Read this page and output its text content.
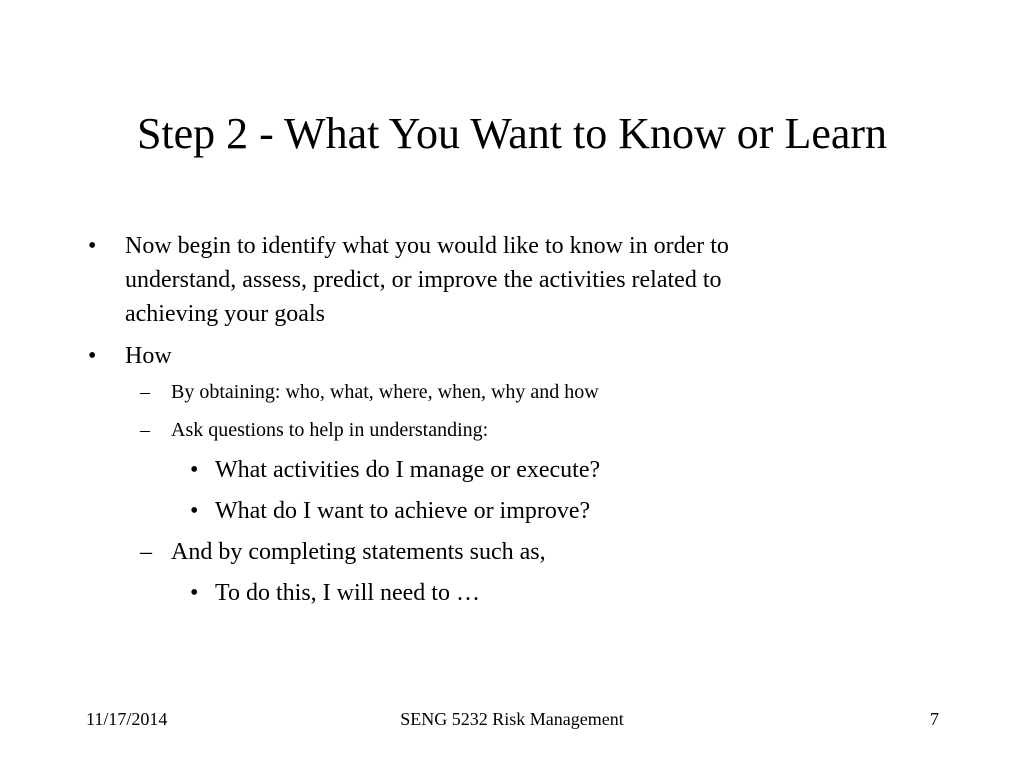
Step 2 - What You Want to Know or Learn
• Now begin to identify what you would like to know in order to
understand, assess, predict, or improve the activities related to
achieving your goals
• How
– By obtaining: who, what, where, when, why and how
– Ask questions to help in understanding:
• What activities do I manage or execute?
• What do I want to achieve or improve?
– And by completing statements such as,
• To do this, I will need to …
11/17/2014	SENG 5232 Risk Management	7
